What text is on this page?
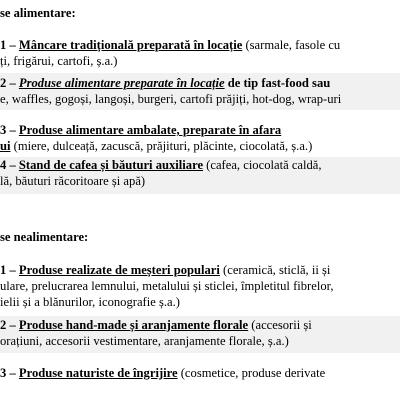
se alimentare:
1 – Mâncare tradițională preparată în locație (sarmale, fasole cu
ți, frigărui, cartofi, ș.a.)
2 – Produse alimentare preparate în locație de tip fast-food sau
e, waffles, gogoși, langoși, burgeri, cartofi prăjiți, hot-dog, wrap-uri
3 – Produse alimentare ambalate, preparate în afara
ui (miere, dulceață, zacuscă, prăjituri, plăcinte, ciocolată, ș.a.)
4 – Stand de cafea și băuturi auxiliare (cafea, ciocolată caldă,
lă, băuturi răcoritoare și apă)
se nealimentare:
1 – Produse realizate de meșteri populari (ceramică, sticlă, ii și
ulare, prelucrarea lemnului, metalului și sticlei, împletitul fibrelor,
ielii și a blănurilor, iconografie ș.a.)
2 – Produse hand-made și aranjamente florale (accesorii și
orațiuni, accesorii vestimentare, aranjamente florale, ș.a.)
3 – Produse naturiste de îngrijire (cosmetice, produse derivate
